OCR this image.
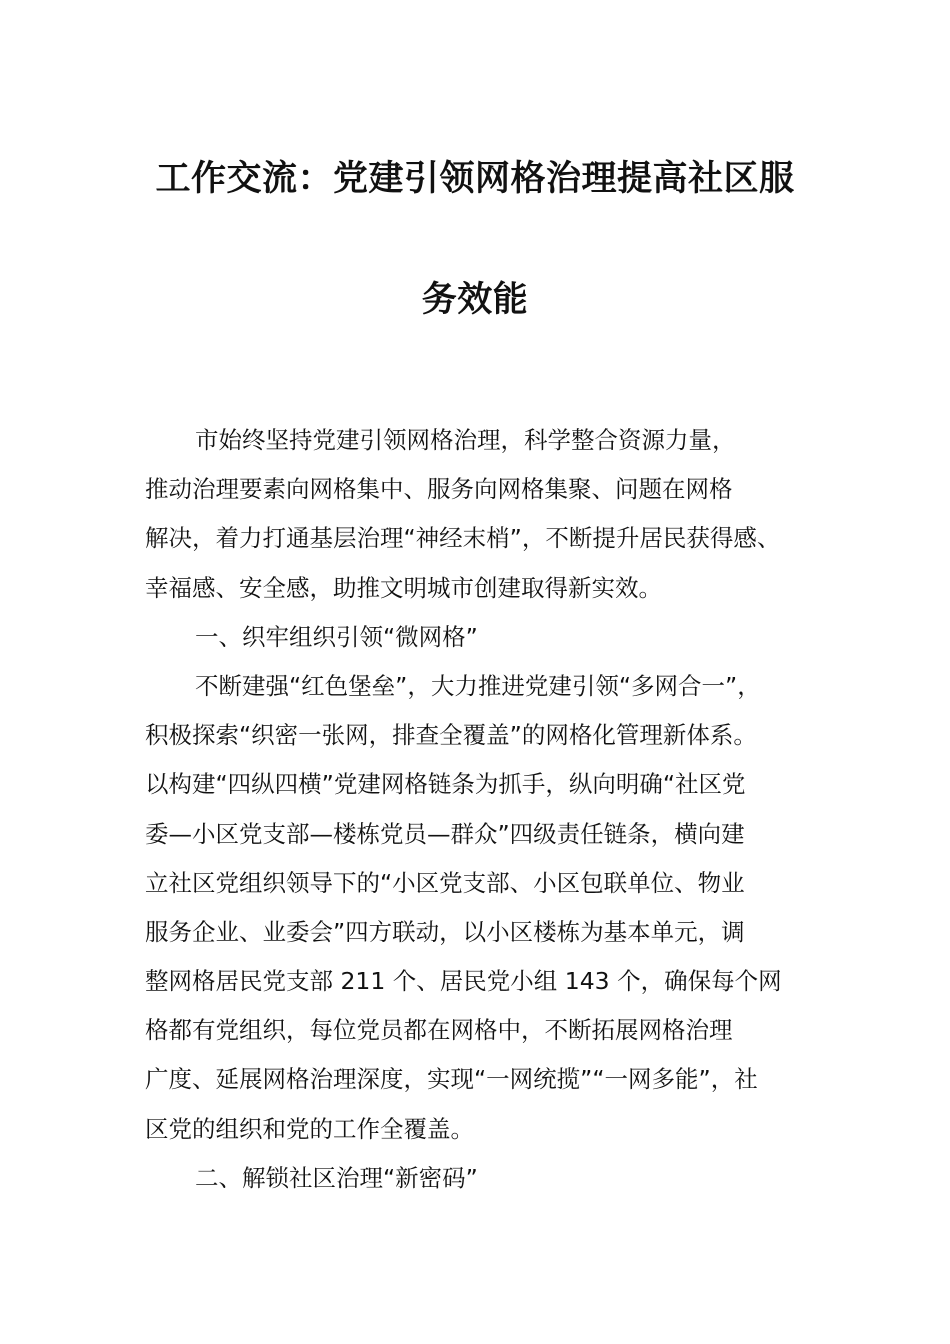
工作交流：党建引领网格治理提高社区服
务效能
市始终坚持党建引领网格治理，科学整合资源力量，
推动治理要素向网格集中、服务向网格集聚、问题在网格
解决，着力打通基层治理“神经末梢”，不断提升居民获得感、
幸福感、安全感，助推文明城市创建取得新实效。
一、织牢组织引领“微网格”
不断建强“红色堡垒”，大力推进党建引领“多网合一”，
积极探索“织密一张网，排查全覆盖”的网格化管理新体系。
以构建“四纵四横”党建网格链条为抓手，纵向明确“社区党
委—小区党支部—楼栋党员—群众”四级责任链条，横向建
立社区党组织领导下的“小区党支部、小区包联单位、物业
服务企业、业委会”四方联动，以小区楼栋为基本单元，调
整网格居民党支部 211 个、居民党小组 143 个，确保每个网
格都有党组织，每位党员都在网格中，不断拓展网格治理
广度、延展网格治理深度，实现“一网统揽”“一网多能”，社
区党的组织和党的工作全覆盖。
二、解锁社区治理“新密码”
